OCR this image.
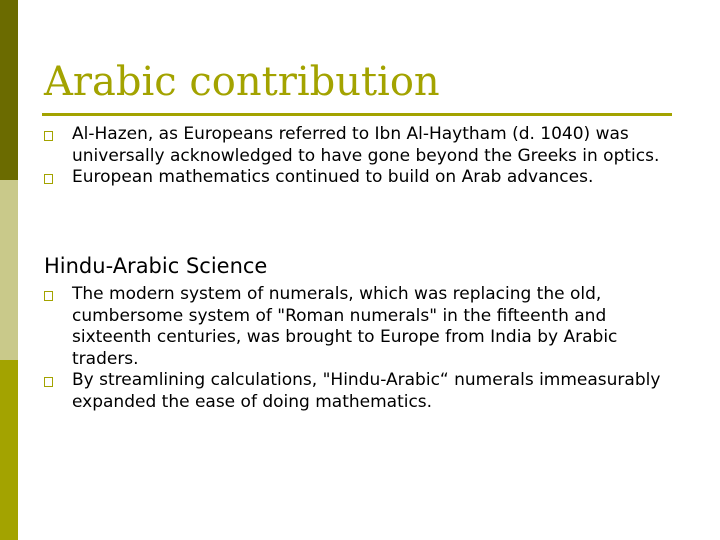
Arabic contribution
Al-Hazen, as Europeans referred to Ibn Al-Haytham (d. 1040) was universally acknowledged to have gone beyond the Greeks in optics.
European mathematics continued to build on Arab advances.
Hindu-Arabic Science
The modern system of numerals, which was replacing the old, cumbersome system of "Roman numerals" in the fifteenth and sixteenth centuries, was brought to Europe from India by Arabic traders.
By streamlining calculations, "Hindu-Arabic“ numerals immeasurably expanded the ease of doing mathematics.
